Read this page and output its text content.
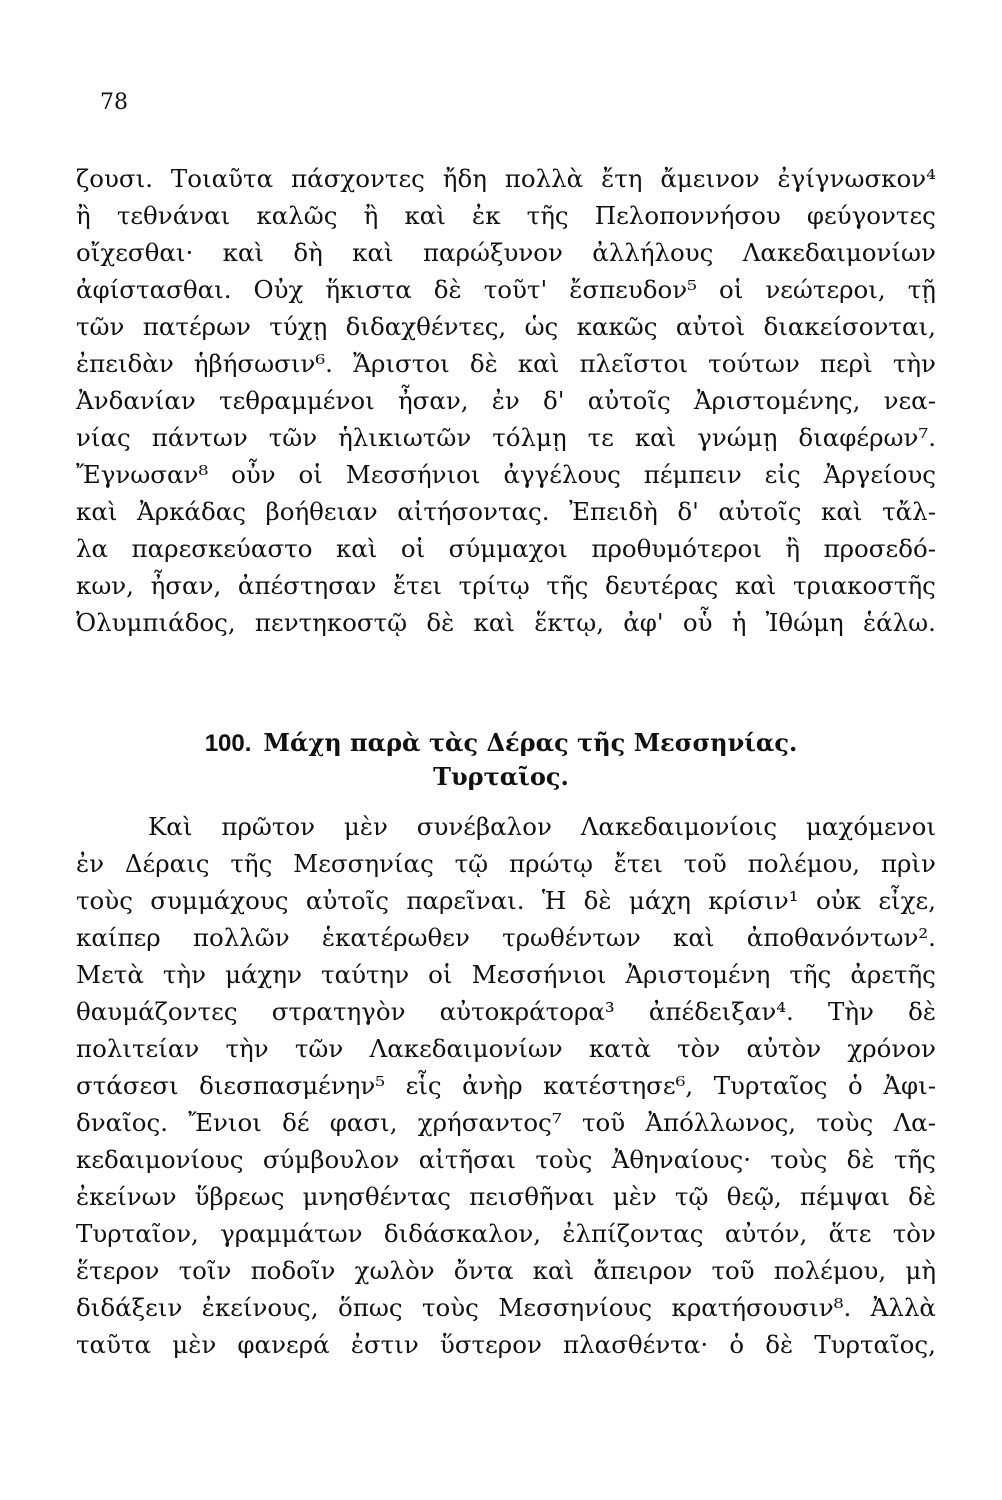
78
ζουσι. Τοιαῦτα πάσχοντες ἤδη πολλὰ ἔτη ἄμεινον ἐγίγνωσκον⁴
ἢ τεθνάναι καλῶς ἢ καὶ ἐκ τῆς Πελοποννήσου φεύγοντες
οἴχεσθαι· καὶ δὴ καὶ παρώξυνον ἀλλήλους Λακεδαιμονίων
ἀφίστασθαι. Οὐχ ἥκιστα δὲ τοῦτ' ἔσπευδον⁵ οἱ νεώτεροι, τῇ
τῶν πατέρων τύχῃ διδαχθέντες, ὡς κακῶς αὐτοὶ διακείσονται,
ἐπειδὰν ἡβήσωσιν⁶. Ἄριστοι δὲ καὶ πλεῖστοι τούτων περὶ τὴν
Ἀνδανίαν τεθραμμένοι ἦσαν, ἐν δ' αὐτοῖς Ἀριστομένης, νεα-
νίας πάντων τῶν ἡλικιωτῶν τόλμῃ τε καὶ γνώμῃ διαφέρων⁷.
Ἔγνωσαν⁸ οὖν οἱ Μεσσήνιοι ἀγγέλους πέμπειν εἰς Ἀργείους
καὶ Ἀρκάδας βοήθειαν αἰτήσοντας. Ἐπειδὴ δ' αὐτοῖς καὶ τἄλ-
λα παρεσκεύαστο καὶ οἱ σύμμαχοι προθυμότεροι ἢ προσεδό-
κων, ἦσαν, ἀπέστησαν ἔτει τρίτῳ τῆς δευτέρας καὶ τριακοστῆς
Ὀλυμπιάδος, πεντηκοστῷ δὲ καὶ ἕκτῳ, ἀφ' οὗ ἡ Ἰθώμη ἑάλω.
100. Μάχη παρὰ τὰς Δέρας τῆς Μεσσηνίας.
Τυρταῖος.
Καὶ πρῶτον μὲν συνέβαλον Λακεδαιμονίοις μαχόμενοι
ἐν Δέραις τῆς Μεσσηνίας τῷ πρώτῳ ἔτει τοῦ πολέμου, πρὶν
τοὺς συμμάχους αὐτοῖς παρεῖναι. Ἡ δὲ μάχη κρίσιν¹ οὐκ εἶχε,
καίπερ πολλῶν ἑκατέρωθεν τρωθέντων καὶ ἀποθανόντων².
Μετὰ τὴν μάχην ταύτην οἱ Μεσσήνιοι Ἀριστομένη τῆς ἀρετῆς
θαυμάζοντες στρατηγὸν αὐτοκράτορα³ ἀπέδειξαν⁴. Τὴν δὲ
πολιτείαν τὴν τῶν Λακεδαιμονίων κατὰ τὸν αὐτὸν χρόνον
στάσεσι διεσπασμένην⁵ εἷς ἀνὴρ κατέστησε⁶, Τυρταῖος ὁ Ἀφι-
δναῖος. Ἔνιοι δέ φασι, χρήσαντος⁷ τοῦ Ἀπόλλωνος, τοὺς Λα-
κεδαιμονίους σύμβουλον αἰτῆσαι τοὺς Ἀθηναίους· τοὺς δὲ τῆς
ἐκείνων ὕβρεως μνησθέντας πεισθῆναι μὲν τῷ θεῷ, πέμψαι δὲ
Τυρταῖον, γραμμάτων διδάσκαλον, ἐλπίζοντας αὐτόν, ἅτε τὸν
ἕτερον τοῖν ποδοῖν χωλὸν ὄντα καὶ ἄπειρον τοῦ πολέμου, μὴ
διδάξειν ἐκείνους, ὅπως τοὺς Μεσσηνίους κρατήσουσιν⁸. Ἀλλὰ
ταῦτα μὲν φανερά ἐστιν ὕστερον πλασθέντα· ὁ δὲ Τυρταῖος,
